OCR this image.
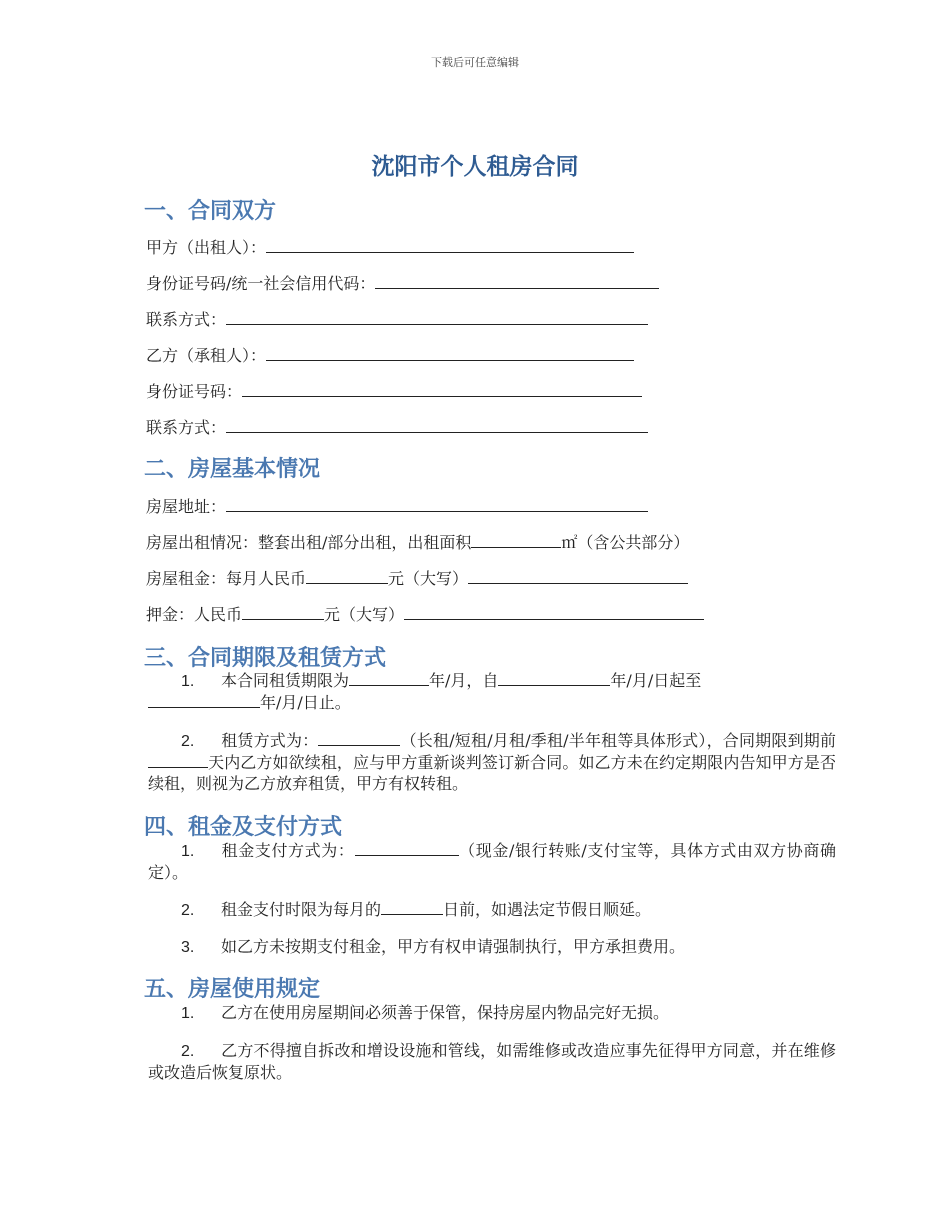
下载后可任意编辑
沈阳市个人租房合同
一、合同双方
甲方（出租人）：
身份证号码/统一社会信用代码：
联系方式：
乙方（承租人）：
身份证号码：
联系方式：
二、房屋基本情况
房屋地址：
房屋出租情况：整套出租/部分出租，出租面积	㎡（含公共部分）
房屋租金：每月人民币	元（大写）
押金：人民币	元（大写）
三、合同期限及租赁方式
1. 本合同租赁期限为	年/月，自	年/月/日起至
年/月/日止。
2. 租赁方式为：	（长租/短租/月租/季租/半年租等具体形式），合同期限到期前天内乙方如欲续租，应与甲方重新谈判签订新合同。如乙方未在约定期限内告知甲方是否续租，则视为乙方放弃租赁，甲方有权转租。
四、租金及支付方式
1. 租金支付方式为：	（现金/银行转账/支付宝等，具体方式由双方协商确定）。
2. 租金支付时限为每月的	日前，如遇法定节假日顺延。
3. 如乙方未按期支付租金，甲方有权申请强制执行，甲方承担费用。
五、房屋使用规定
1. 乙方在使用房屋期间必须善于保管，保持房屋内物品完好无损。
2. 乙方不得擅自拆改和增设设施和管线，如需维修或改造应事先征得甲方同意，并在维修或改造后恢复原状。
